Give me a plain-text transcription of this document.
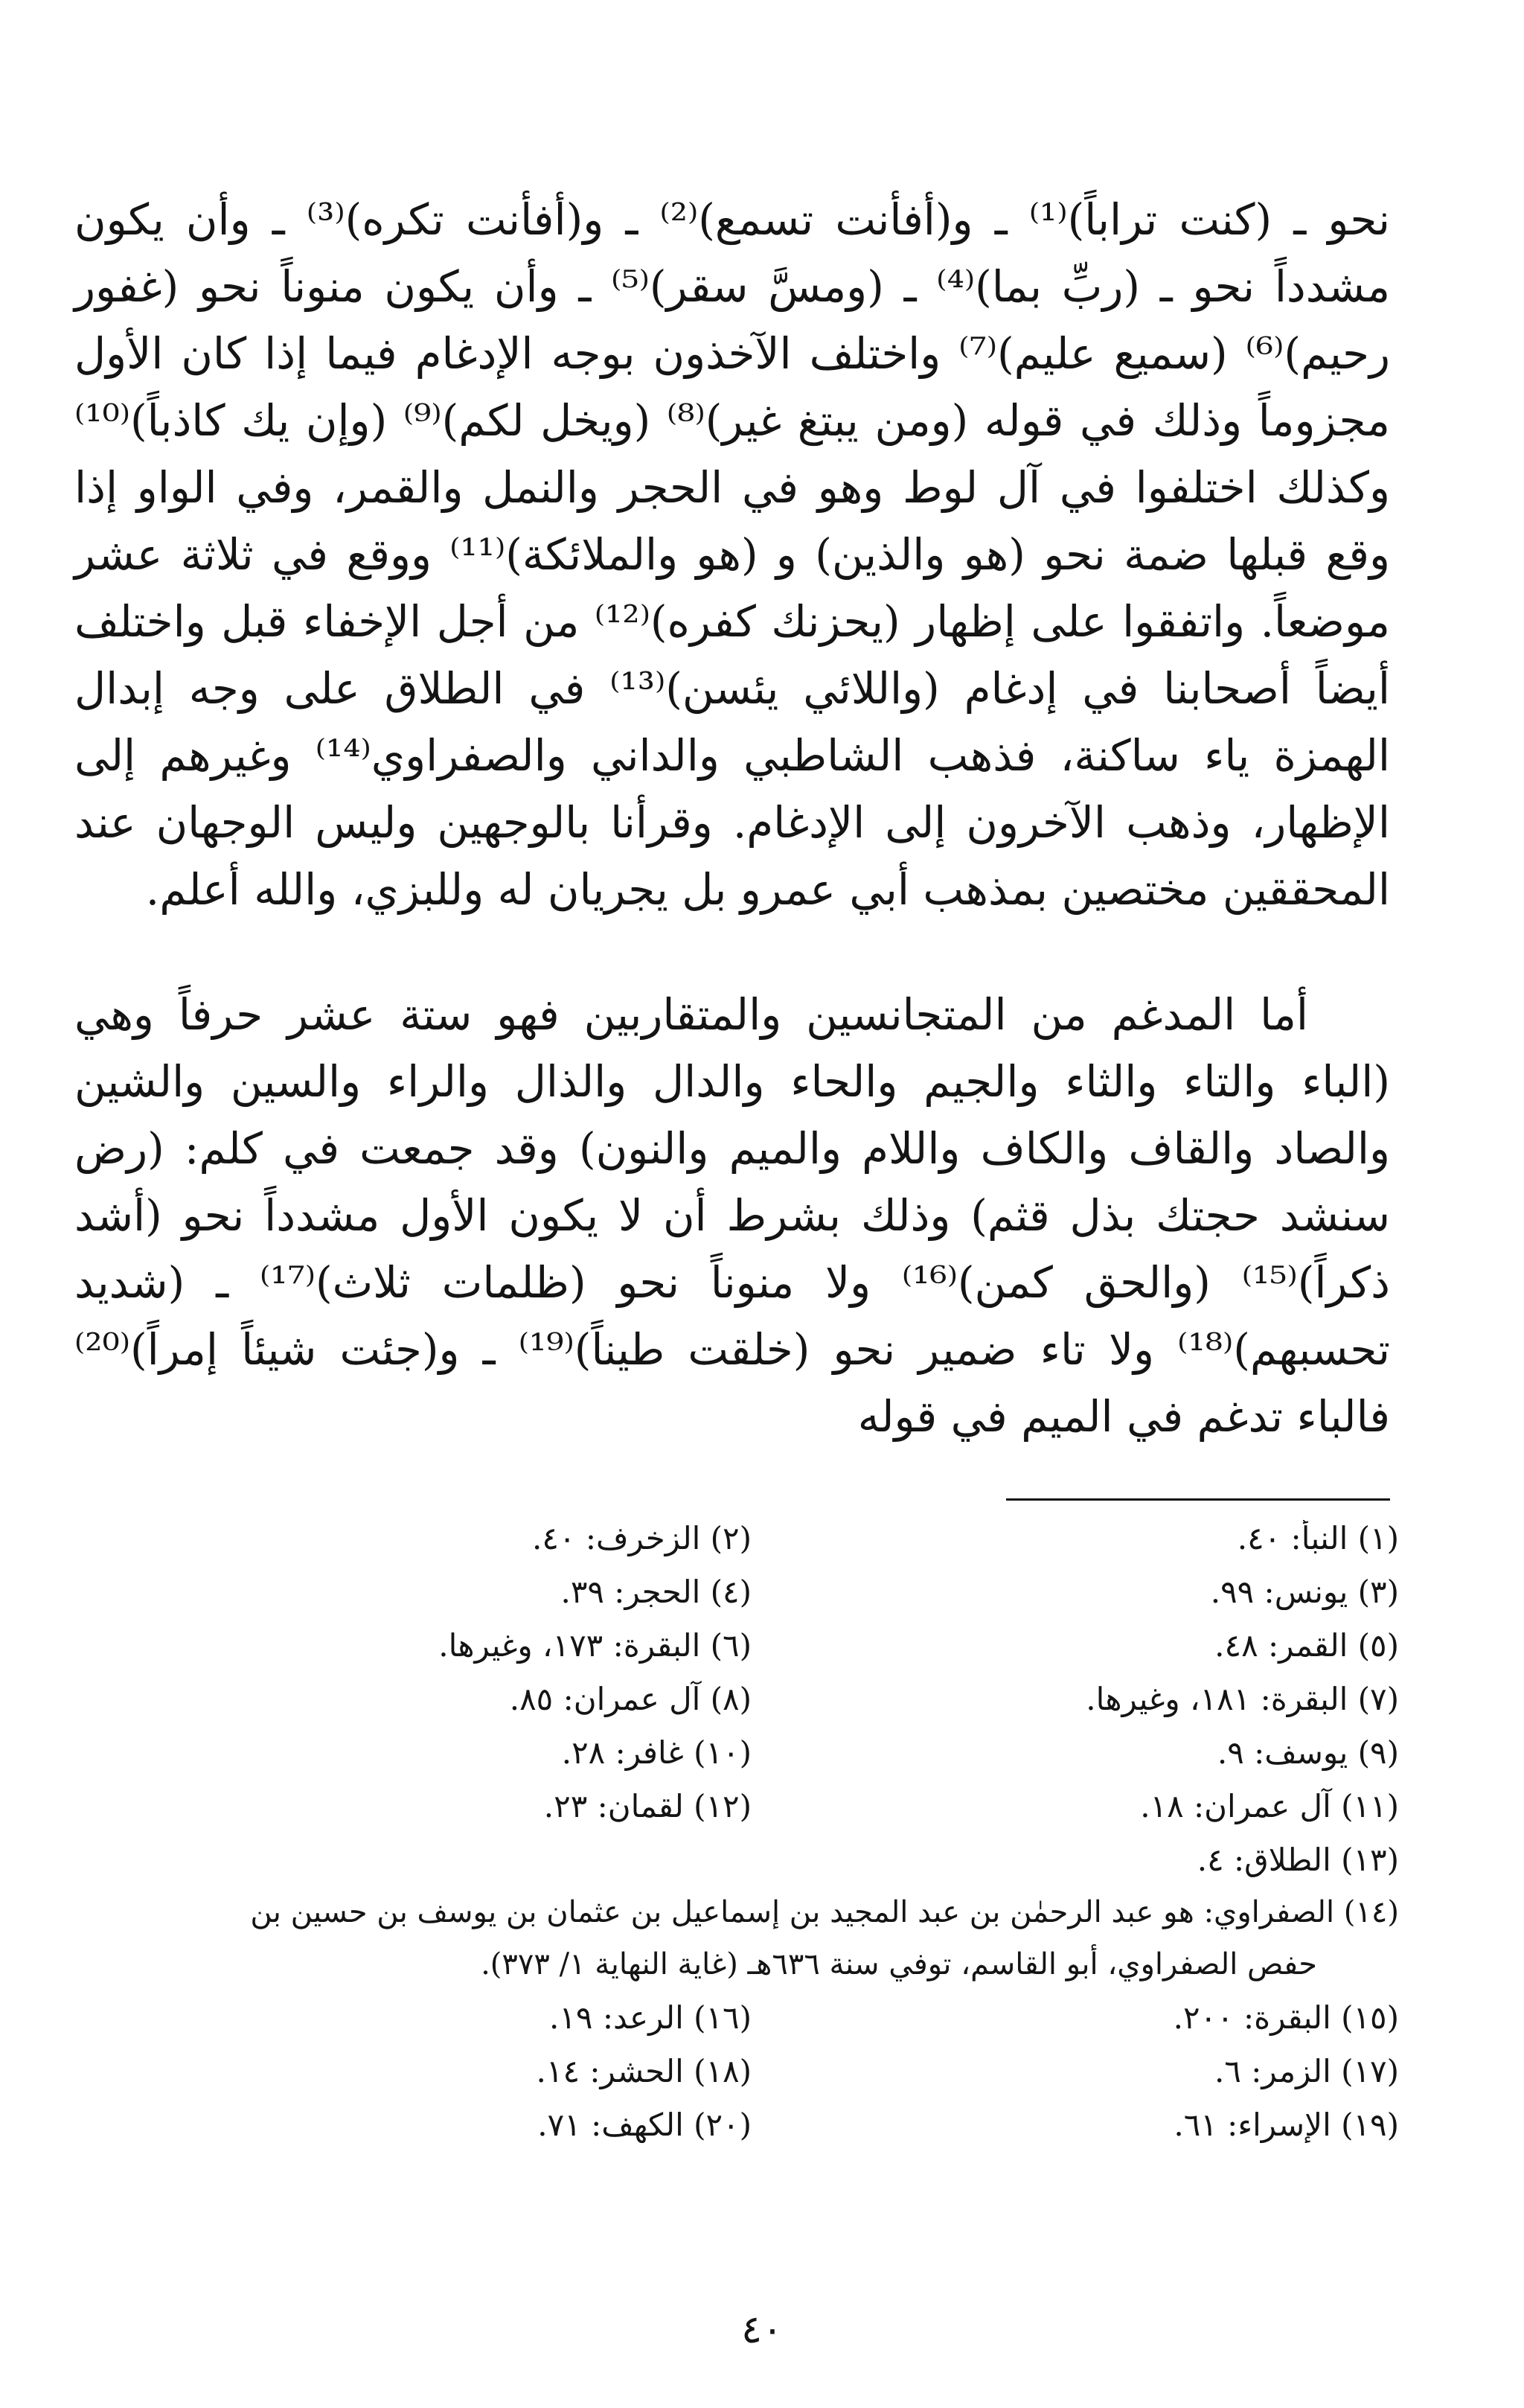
نحو ـ (كنت تراباً)⁽¹⁾ ـ و(أفأنت تسمع)⁽²⁾ ـ و(أفأنت تكره)⁽³⁾ ـ وأن يكون مشدداً نحو ـ (ربِّ بما)⁽⁴⁾ ـ (ومسَّ سقر)⁽⁵⁾ ـ وأن يكون منوناً نحو (غفور رحيم)⁽⁶⁾ (سميع عليم)⁽⁷⁾ واختلف الآخذون بوجه الإدغام فيما إذا كان الأول مجزوماً وذلك في قوله (ومن يبتغ غير)⁽⁸⁾ (ويخل لكم)⁽⁹⁾ (وإن يك كاذباً)⁽¹⁰⁾ وكذلك اختلفوا في آل لوط وهو في الحجر والنمل والقمر، وفي الواو إذا وقع قبلها ضمة نحو (هو والذين) و (هو والملائكة)⁽¹¹⁾ ووقع في ثلاثة عشر موضعاً. واتفقوا على إظهار (يحزنك كفره)⁽¹²⁾ من أجل الإخفاء قبل واختلف أيضاً أصحابنا في إدغام (واللائي يئسن)⁽¹³⁾ في الطلاق على وجه إبدال الهمزة ياء ساكنة، فذهب الشاطبي والداني والصفراوي⁽¹⁴⁾ وغيرهم إلى الإظهار، وذهب الآخرون إلى الإدغام. وقرأنا بالوجهين وليس الوجهان عند المحققين مختصين بمذهب أبي عمرو بل يجريان له وللبزي، والله أعلم.

أما المدغم من المتجانسين والمتقاربين فهو ستة عشر حرفاً وهي (الباء والتاء والثاء والجيم والحاء والدال والذال والراء والسين والشين والصاد والقاف والكاف واللام والميم والنون) وقد جمعت في كلم: (رض سنشد حجتك بذل قثم) وذلك بشرط أن لا يكون الأول مشدداً نحو (أشد ذكراً)⁽¹⁵⁾ (والحق كمن)⁽¹⁶⁾ ولا منوناً نحو (ظلمات ثلاث)⁽¹⁷⁾ ـ (شديد تحسبهم)⁽¹⁸⁾ ولا تاء ضمير نحو (خلقت طيناً)⁽¹⁹⁾ ـ و(جئت شيئاً إمراً)⁽²⁰⁾ فالباء تدغم في الميم في قوله

(١) النبأ: ٤٠.
(٢) الزخرف: ٤٠.
(٣) يونس: ٩٩.
(٤) الحجر: ٣٩.
(٥) القمر: ٤٨.
(٦) البقرة: ١٧٣، وغيرها.
(٧) البقرة: ١٨١، وغيرها.
(٨) آل عمران: ٨٥.
(٩) يوسف: ٩.
(١٠) غافر: ٢٨.
(١١) آل عمران: ١٨.
(١٢) لقمان: ٢٣.
(١٣) الطلاق: ٤.
(١٤) الصفراوي: هو عبد الرحمٰن بن عبد المجيد بن إسماعيل بن عثمان بن يوسف بن حسين بن
حفص الصفراوي، أبو القاسم، توفي سنة ٦٣٦هـ (غاية النهاية ١/ ٣٧٣).
(١٥) البقرة: ٢٠٠.
(١٦) الرعد: ١٩.
(١٧) الزمر: ٦.
(١٨) الحشر: ١٤.
(١٩) الإسراء: ٦١.
(٢٠) الكهف: ٧١.
٤٠
